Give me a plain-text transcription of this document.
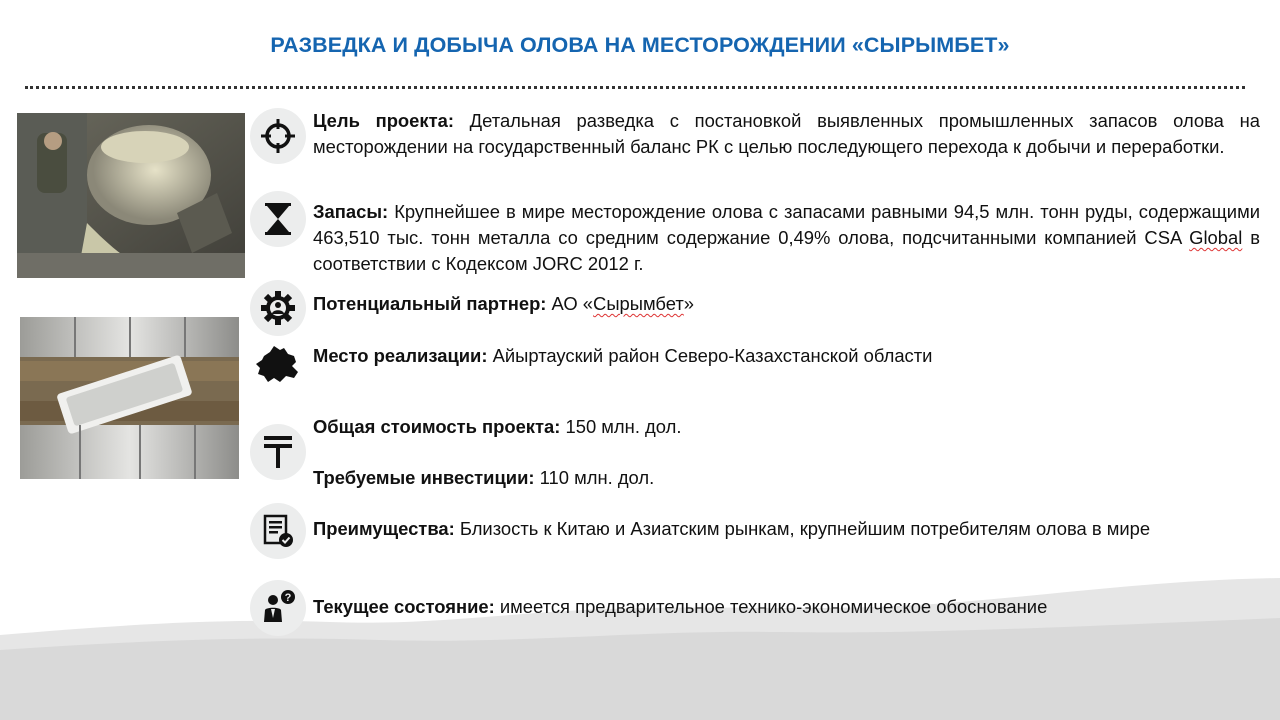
РАЗВЕДКА И ДОБЫЧА ОЛОВА НА МЕСТОРОЖДЕНИИ «СЫРЫМБЕТ»
Цель проекта: Детальная разведка с постановкой выявленных промышленных запасов олова на месторождении на государственный баланс РК с целью последующего перехода к добычи и переработки.
Запасы: Крупнейшее в мире месторождение олова с запасами равными 94,5 млн. тонн руды, содержащими 463,510 тыс. тонн металла со средним содержание 0,49% олова, подсчитанными компанией CSA Global в соответствии с Кодексом JORC 2012 г.
Потенциальный партнер: АО «Сырымбет»
Место реализации: Айыртауский район Северо-Казахстанской области
Общая стоимость проекта: 150 млн. дол.
Требуемые инвестиции: 110 млн. дол.
Преимущества: Близость к Китаю и Азиатским рынкам, крупнейшим потребителям олова в мире
? Текущее состояние: имеется предварительное технико-экономическое обоснование
